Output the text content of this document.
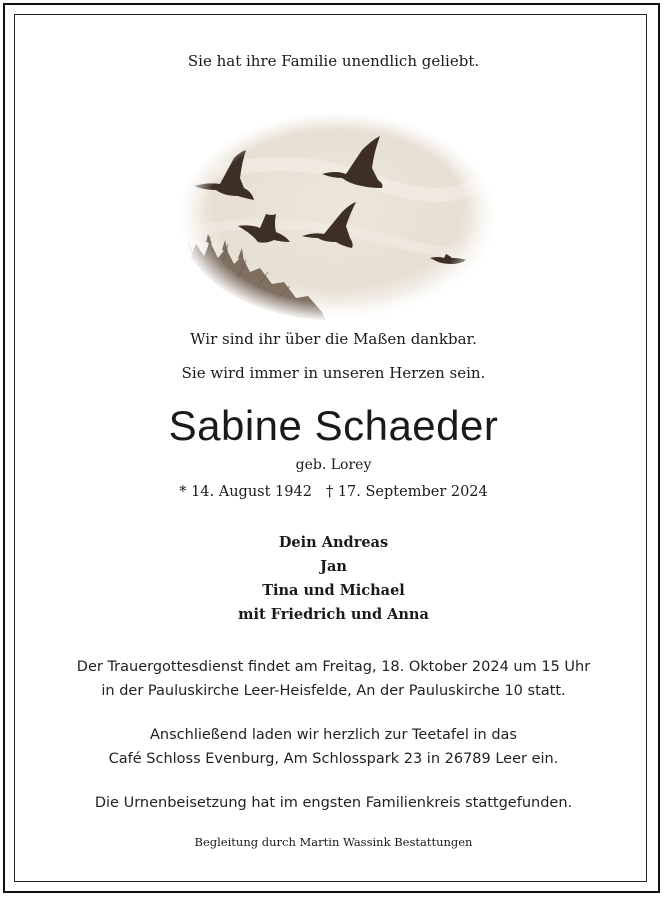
Sie hat ihre Familie unendlich geliebt.
Wir sind ihr über die Maßen dankbar.
Sie wird immer in unseren Herzen sein.
Sabine Schaeder
geb. Lorey
* 14. August 1942 † 17. September 2024
Dein Andreas
Jan
Tina und Michael
mit Friedrich und Anna
Der Trauergottesdienst findet am Freitag, 18. Oktober 2024 um 15 Uhr
in der Pauluskirche Leer-Heisfelde, An der Pauluskirche 10 statt.
Anschließend laden wir herzlich zur Teetafel in das
Café Schloss Evenburg, Am Schlosspark 23 in 26789 Leer ein.
Die Urnenbeisetzung hat im engsten Familienkreis stattgefunden.
Begleitung durch Martin Wassink Bestattungen
